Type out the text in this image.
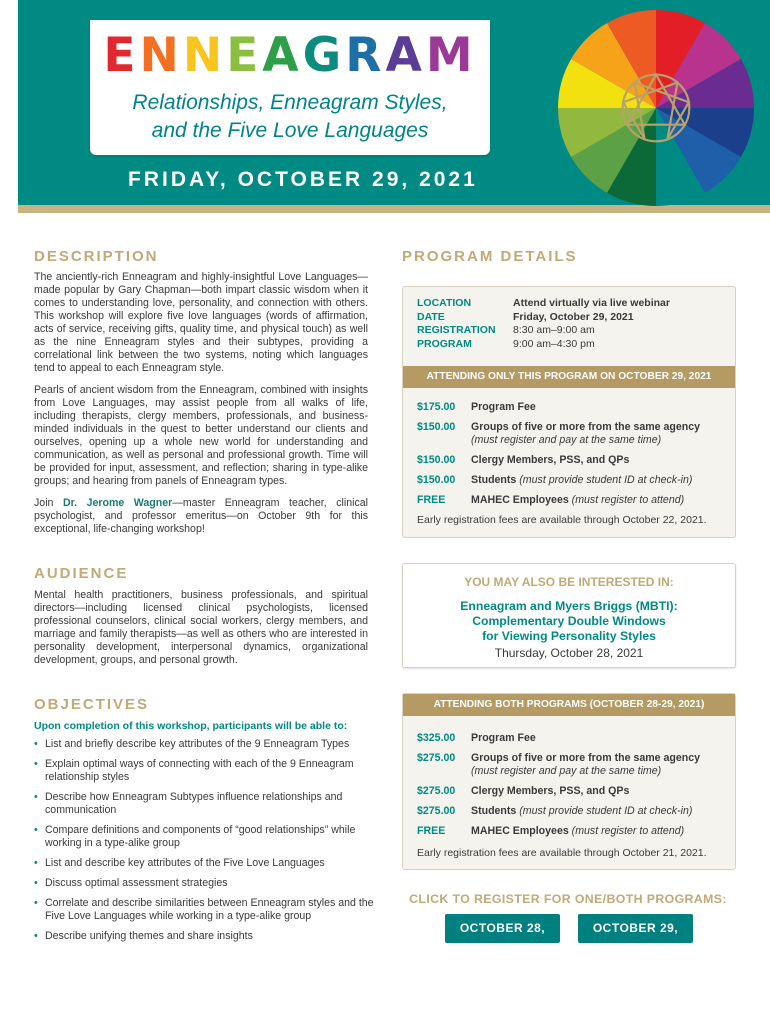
ENNEAGRAM
Relationships, Enneagram Styles,
and the Five Love Languages
FRIDAY, OCTOBER 29, 2021
DESCRIPTION
The anciently-rich Enneagram and highly-insightful Love Languages—made popular by Gary Chapman—both impart classic wisdom when it comes to understanding love, personality, and connection with others. This workshop will explore five love languages (words of affirmation, acts of service, receiving gifts, quality time, and physical touch) as well as the nine Enneagram styles and their subtypes, providing a correlational link between the two systems, noting which languages tend to appeal to each Enneagram style.
Pearls of ancient wisdom from the Enneagram, combined with insights from Love Languages, may assist people from all walks of life, including therapists, clergy members, professionals, and business-minded individuals in the quest to better understand our clients and ourselves, opening up a whole new world for understanding and communication, as well as personal and professional growth. Time will be provided for input, assessment, and reflection; sharing in type-alike groups; and hearing from panels of Enneagram types.
Join Dr. Jerome Wagner—master Enneagram teacher, clinical psychologist, and professor emeritus—on October 9th for this exceptional, life-changing workshop!
AUDIENCE
Mental health practitioners, business professionals, and spiritual directors—including licensed clinical psychologists, licensed professional counselors, clinical social workers, clergy members, and marriage and family therapists—as well as others who are interested in personality development, interpersonal dynamics, organizational development, groups, and personal growth.
OBJECTIVES
Upon completion of this workshop, participants will be able to:
• List and briefly describe key attributes of the 9 Enneagram Types
• Explain optimal ways of connecting with each of the 9 Enneagram relationship styles
• Describe how Enneagram Subtypes influence relationships and communication
• Compare definitions and components of “good relationships” while working in a type-alike group
• List and describe key attributes of the Five Love Languages
• Discuss optimal assessment strategies
• Correlate and describe similarities between Enneagram styles and the Five Love Languages while working in a type-alike group
• Describe unifying themes and share insights
PROGRAM DETAILS
LOCATION	Attend virtually via live webinar
DATE	Friday, October 29, 2021
REGISTRATION 8:30 am–9:00 am
PROGRAM	9:00 am–4:30 pm
ATTENDING ONLY THIS PROGRAM ON OCTOBER 29, 2021
$175.00 Program Fee
$150.00 Groups of five or more from the same agency
(must register and pay at the same time)
$150.00 Clergy Members, PSS, and QPs
$150.00 Students (must provide student ID at check-in)
FREE MAHEC Employees (must register to attend)
Early registration fees are available through October 22, 2021.
YOU MAY ALSO BE INTERESTED IN:
Enneagram and Myers Briggs (MBTI):
Complementary Double Windows
for Viewing Personality Styles
Thursday, October 28, 2021
ATTENDING BOTH PROGRAMS (OCTOBER 28-29, 2021)
$325.00 Program Fee
$275.00 Groups of five or more from the same agency
(must register and pay at the same time)
$275.00 Clergy Members, PSS, and QPs
$275.00 Students (must provide student ID at check-in)
FREE MAHEC Employees (must register to attend)
Early registration fees are available through October 21, 2021.
CLICK TO REGISTER FOR ONE/BOTH PROGRAMS:
OCTOBER 28, 2021
OCTOBER 29, 2021
